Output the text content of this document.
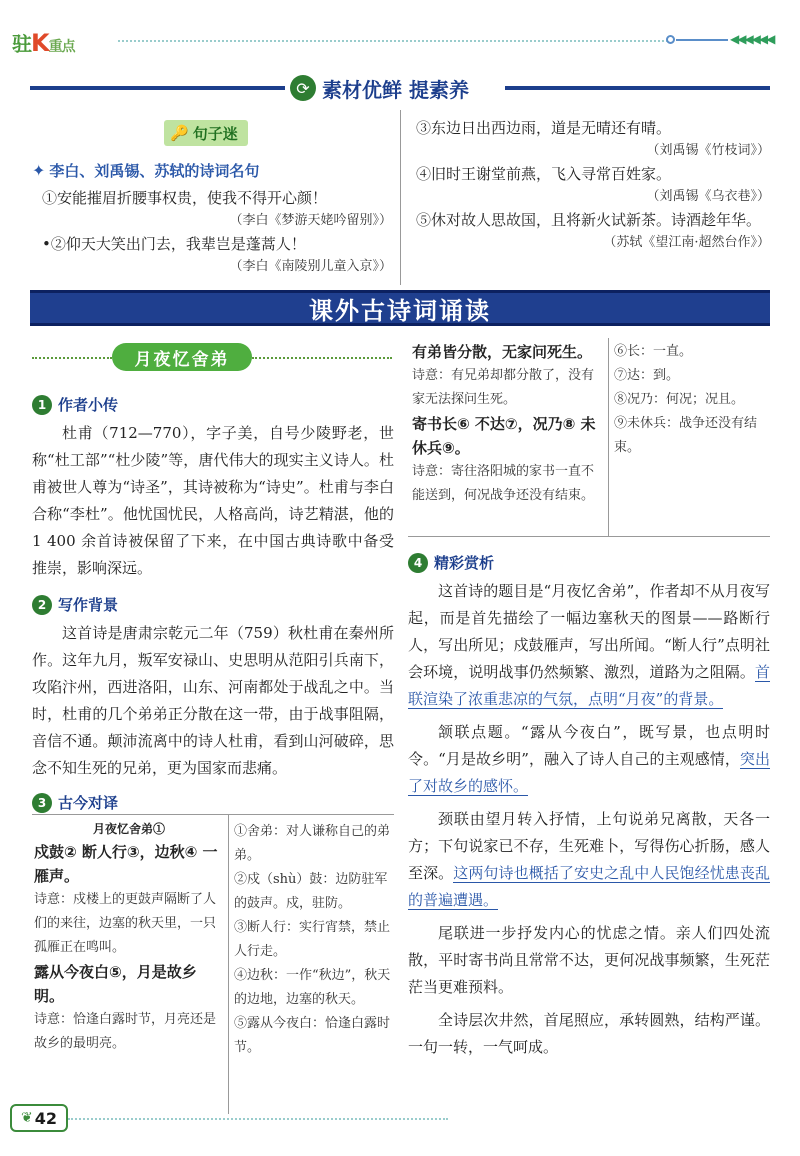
驻K重点	◀◀◀◀◀◀
⟳ 素材优鲜 提素养
🔑 句子迷
✦ 李白、刘禹锡、苏轼的诗词名句
①安能摧眉折腰事权贵，使我不得开心颜！
（李白《梦游天姥吟留别》）
•②仰天大笑出门去，我辈岂是蓬蒿人！
（李白《南陵别儿童入京》）
③东边日出西边雨，道是无晴还有晴。
（刘禹锡《竹枝词》）
④旧时王谢堂前燕，飞入寻常百姓家。
（刘禹锡《乌衣巷》）
⑤休对故人思故国，且将新火试新茶。诗酒趁年华。
（苏轼《望江南·超然台作》）
课外古诗词诵读
月夜忆舍弟
1 作者小传
杜甫（712—770），字子美，自号少陵野老，世称“杜工部”“杜少陵”等，唐代伟大的现实主义诗人。杜甫被世人尊为“诗圣”，其诗被称为“诗史”。杜甫与李白合称“李杜”。他忧国忧民，人格高尚，诗艺精湛，他的 1 400 余首诗被保留了下来，在中国古典诗歌中备受推崇，影响深远。
2 写作背景
这首诗是唐肃宗乾元二年（759）秋杜甫在秦州所作。这年九月，叛军安禄山、史思明从范阳引兵南下，攻陷汴州，西进洛阳，山东、河南都处于战乱之中。当时，杜甫的几个弟弟正分散在这一带，由于战事阻隔，音信不通。颠沛流离中的诗人杜甫，看到山河破碎，思念不知生死的兄弟，更为国家而悲痛。
3 古今对译
月夜忆舍弟①
戍鼓② 断人行③，边秋④ 一雁声。
诗意：戍楼上的更鼓声隔断了人们的来往，边塞的秋天里，一只孤雁正在鸣叫。
露从今夜白⑤，月是故乡明。
诗意：恰逢白露时节，月亮还是故乡的最明亮。
①舍弟：对人谦称自己的弟弟。
②戍（shù）鼓：边防驻军的鼓声。戍，驻防。
③断人行：实行宵禁，禁止人行走。
④边秋：一作“秋边”，秋天的边地，边塞的秋天。
⑤露从今夜白：恰逢白露时节。
有弟皆分散，无家问死生。
诗意：有兄弟却都分散了，没有家无法探问生死。
寄书长⑥ 不达⑦，况乃⑧ 未休兵⑨。
诗意：寄往洛阳城的家书一直不能送到，何况战争还没有结束。
⑥长：一直。
⑦达：到。
⑧况乃：何况；况且。
⑨未休兵：战争还没有结束。
4 精彩赏析

这首诗的题目是“月夜忆舍弟”，作者却不从月夜写起，而是首先描绘了一幅边塞秋天的图景——路断行人，写出所见；戍鼓雁声，写出所闻。“断人行”点明社会环境，说明战事仍然频繁、激烈，道路为之阻隔。首联渲染了浓重悲凉的气氛，点明“月夜”的背景。

颔联点题。“露从今夜白”，既写景，也点明时令。“月是故乡明”，融入了诗人自己的主观感情，突出了对故乡的感怀。

颈联由望月转入抒情，上句说弟兄离散，天各一方；下句说家已不存，生死难卜，写得伤心折肠，感人至深。这两句诗也概括了安史之乱中人民饱经忧患丧乱的普遍遭遇。

尾联进一步抒发内心的忧虑之情。亲人们四处流散，平时寄书尚且常常不达，更何况战事频繁，生死茫茫当更难预料。

全诗层次井然，首尾照应，承转圆熟，结构严谨。一句一转，一气呵成。

❦ 42
